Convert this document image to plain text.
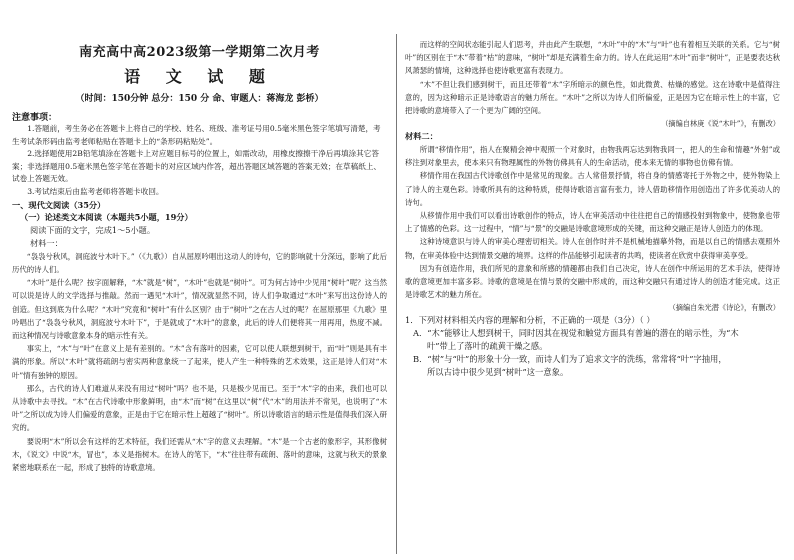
南充高中高2023级第一学期第二次月考
语 文 试 题
（时间：150分钟 总分：150 分 命、审题人：蒋海龙 彭桥）
注意事项：

1.答题前，考生务必在答题卡上将自己的学校、姓名、班级、准考证号用0.5毫米黑色签字笔填写清楚，考生考试条形码由监考老师粘贴在答题卡上的“条形码粘贴处”。

2.选择题使用2B铅笔填涂在答题卡上对应题目标号的位置上，如需改动，用橡皮擦擦干净后再填涂其它答案；非选择题用0.5毫米黑色签字笔在答题卡的对应区域内作答，超出答题区域答题的答案无效；在草稿纸上、试卷上答题无效。

3.考试结束后由监考老师将答题卡收回。

一、现代文阅读（35分）
（一）论述类文本阅读（本题共5小题，19分）
阅读下面的文字，完成1～5小题。
材料一：

“袅袅兮秋风，洞庭波兮木叶下。”（《九歌》）自从屈原吟唱出这动人的诗句，它的影响就十分深远，影响了此后历代的诗人们。

“木叶”是什么呢？按字面解释，“木”就是“树”，“木叶”也就是“树叶”。可为何古诗中少见用“树叶”呢？这当然可以说是诗人的文学选择与推敲。然而一遇见“木叶”，情况就显然不同，诗人们争取通过“木叶”来写出这份诗人的创造。但这到底为什么呢？“木叶”究竟和“树叶”有什么区别？由于“树叶”之在古人过的呢？在屈原那里《九歌》里吟唱出了“袅袅兮秋风，洞庭波兮木叶下”，于是就成了“木叶”的意象，此后的诗人们便将其一用再用，热度不减。而这种情况与诗歌意象本身的暗示性有关。

事实上，“木”与“叶”在意义上是有差别的。“木”含有落叶的因素，它可以使人联想到树干，而“叶”则是具有丰满的形象。所以“木叶”就将疏朗与密实两种意象统一了起来，使人产生一种特殊的艺术效果，这正是诗人们对“木叶”情有独钟的原因。

那么，古代的诗人们难道从来没有用过“树叶”吗？也不是，只是极少见而已。至于“木”字的由来，我们也可以从诗歌中去寻找。“木”在古代诗歌中形象鲜明，由“木”而“树”在这里以“树”代“木”的用法并不常见，也说明了“木叶”之所以成为诗人们偏爱的意象，正是由于它在暗示性上超越了“树叶”。所以诗歌语言的暗示性是值得我们深入研究的。

要说明“木”所以会有这样的艺术特征，我们还需从“木”字的意义去理解。“木”是一个古老的象形字，其形像树木，《说文》中说“木，冒也”，本义是指树木。在诗人的笔下，“木”往往带有疏朗、落叶的意味，这就与秋天的景象紧密地联系在一起，形成了独特的诗歌意境。

而这样的空间状态能引起人们思考，并由此产生联想，“木叶”中的“木”与“叶”也有着相互关联的关系。它与“树叶”的区别在于“木”带着“枯”的意味，“树叶”却是充满着生命力的。诗人在此运用“木叶”而非“树叶”，正是要表达秋风萧瑟的情境，这种选择也使诗歌更富有表现力。

“木”不但让我们感到树干，而且还带着“木”字所暗示的颜色性，如此微黄、枯燥的感觉。这在诗歌中是值得注意的，因为这种暗示正是诗歌语言的魅力所在。“木叶”之所以为诗人们所偏爱，正是因为它在暗示性上的丰富，它把诗歌的意境带入了一个更为广阔的空间。

（摘编自林庚《说“木叶”》，有删改）

材料二：

所谓“移情作用”，指人在聚精会神中观照一个对象时，由物我两忘达到物我同一，把人的生命和情趣“外射”或移注到对象里去，使本来只有物理属性的外物仿佛具有人的生命活动，使本来无情的事物也仿佛有情。

移情作用在我国古代诗歌创作中是常见的现象。古人常借景抒情，将自身的情感寄托于外物之中，使外物染上了诗人的主观色彩。诗歌所具有的这种特质，使得诗歌语言富有张力，诗人借助移情作用创造出了许多优美动人的诗句。

从移情作用中我们可以看出诗歌创作的特点，诗人在审美活动中往往把自己的情感投射到物象中，使物象也带上了情感的色彩。这一过程中，“情”与“景”的交融是诗歌意境形成的关键，而这种交融正是诗人创造力的体现。

这种诗境意识与诗人的审美心理密切相关。诗人在创作时并不是机械地描摹外物，而是以自己的情感去观照外物，在审美体验中达到情景交融的境界。这样的作品能够引起读者的共鸣，使读者在欣赏中获得审美享受。

因为有创造作用，我们所见的意象和所感的情趣都由我们自己决定，诗人在创作中所运用的艺术手法，使得诗歌的意境更加丰富多彩。诗歌的意境是在情与景的交融中形成的，而这种交融只有通过诗人的创造才能完成。这正是诗歌艺术的魅力所在。

（摘编自朱光潜《诗论》，有删改）

1．下列对材料相关内容的理解和分析，不正确的一项是（3分）（ ）

A．“木”能够让人想到树干，同时因其在视觉和触觉方面具有普遍的潜在的暗示性，为“木

叶”带上了落叶的疏黄干燥之感。

B．“树”与“叶”的形象十分一致，而诗人们为了追求文字的洗练，常常将“叶”字抽用，

所以古诗中很少见到“树叶”这一意象。
